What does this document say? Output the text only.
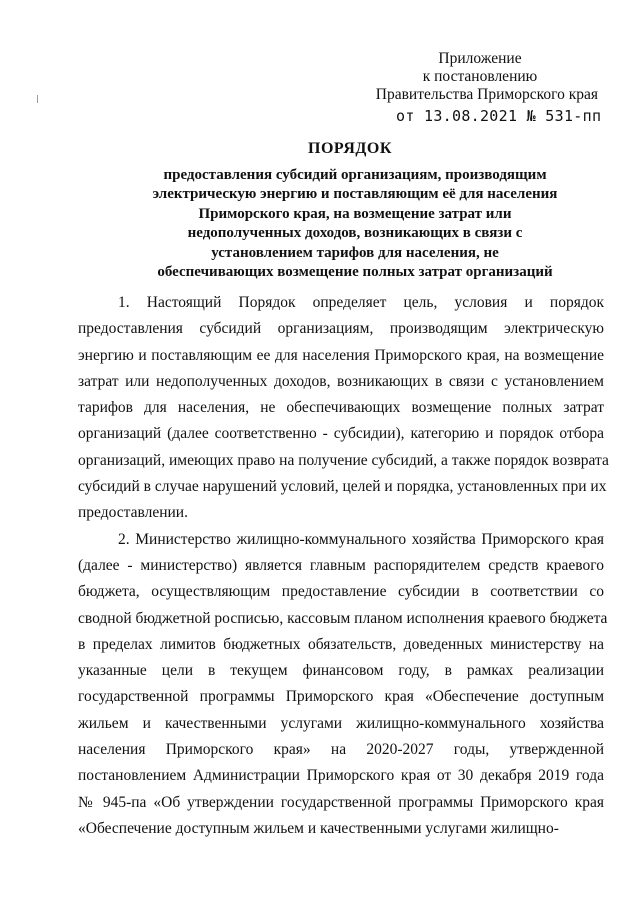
Приложение
к постановлению
Правительства Приморского края
от 13.08.2021 № 531-пп
ПОРЯДОК
предоставления субсидий организациям, производящим
электрическую энергию и поставляющим её для населения
Приморского края, на возмещение затрат или
недополученных доходов, возникающих в связи с
установлением тарифов для населения, не
обеспечивающих возмещение полных затрат организаций
1. Настоящий Порядок определяет цель, условия и порядок
предоставления субсидий организациям, производящим электрическую
энергию и поставляющим ее для населения Приморского края, на возмещение
затрат или недополученных доходов, возникающих в связи с установлением
тарифов для населения, не обеспечивающих возмещение полных затрат
организаций (далее соответственно - субсидии), категорию и порядок отбора
организаций, имеющих право на получение субсидий, а также порядок возврата
субсидий в случае нарушений условий, целей и порядка, установленных при их
предоставлении.
2. Министерство жилищно-коммунального хозяйства Приморского края
(далее - министерство) является главным распорядителем средств краевого
бюджета, осуществляющим предоставление субсидии в соответствии со
сводной бюджетной росписью, кассовым планом исполнения краевого бюджета
в пределах лимитов бюджетных обязательств, доведенных министерству на
указанные цели в текущем финансовом году, в рамках реализации
государственной программы Приморского края «Обеспечение доступным
жильем и качественными услугами жилищно-коммунального хозяйства
населения Приморского края» на 2020-2027 годы, утвержденной
постановлением Администрации Приморского края от 30 декабря 2019 года
№ 945-па «Об утверждении государственной программы Приморского края
«Обеспечение доступным жильем и качественными услугами жилищно-
